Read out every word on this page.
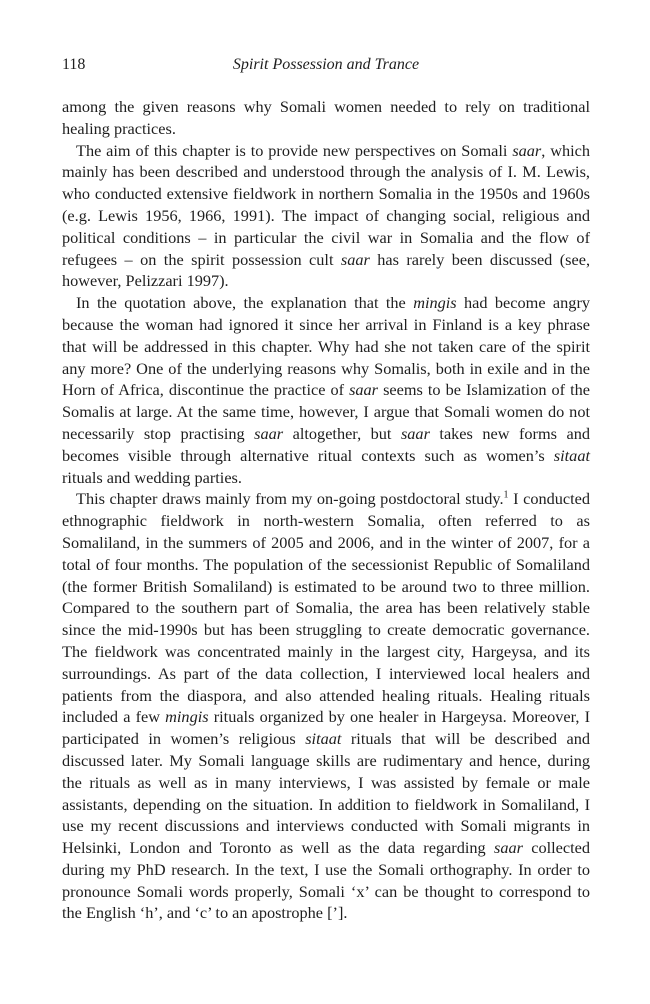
118	Spirit Possession and Trance

among the given reasons why Somali women needed to rely on traditional healing practices.

The aim of this chapter is to provide new perspectives on Somali saar, which mainly has been described and understood through the analysis of I. M. Lewis, who conducted extensive fieldwork in northern Somalia in the 1950s and 1960s (e.g. Lewis 1956, 1966, 1991). The impact of changing social, religious and political conditions – in particular the civil war in Somalia and the flow of refugees – on the spirit possession cult saar has rarely been discussed (see, however, Pelizzari 1997).

In the quotation above, the explanation that the mingis had become angry because the woman had ignored it since her arrival in Finland is a key phrase that will be addressed in this chapter. Why had she not taken care of the spirit any more? One of the underlying reasons why Somalis, both in exile and in the Horn of Africa, discontinue the practice of saar seems to be Islamization of the Somalis at large. At the same time, however, I argue that Somali women do not necessarily stop practising saar altogether, but saar takes new forms and becomes visible through alternative ritual contexts such as women’s sitaat rituals and wedding parties.

This chapter draws mainly from my on-going postdoctoral study.$^1$ I conducted ethnographic fieldwork in north-western Somalia, often referred to as Somaliland, in the summers of 2005 and 2006, and in the winter of 2007, for a total of four months. The population of the secessionist Republic of Somaliland (the former British Somaliland) is estimated to be around two to three million. Compared to the southern part of Somalia, the area has been relatively stable since the mid-1990s but has been struggling to create democratic governance. The fieldwork was concentrated mainly in the largest city, Hargeysa, and its surroundings. As part of the data collection, I interviewed local healers and patients from the diaspora, and also attended healing rituals. Healing rituals included a few mingis rituals organized by one healer in Hargeysa. Moreover, I participated in women’s religious sitaat rituals that will be described and discussed later. My Somali language skills are rudimentary and hence, during the rituals as well as in many interviews, I was assisted by female or male assistants, depending on the situation. In addition to fieldwork in Somaliland, I use my recent discussions and interviews conducted with Somali migrants in Helsinki, London and Toronto as well as the data regarding saar collected during my PhD research. In the text, I use the Somali orthography. In order to pronounce Somali words properly, Somali ‘x’ can be thought to correspond to the English ‘h’, and ‘c’ to an apostrophe [’].
